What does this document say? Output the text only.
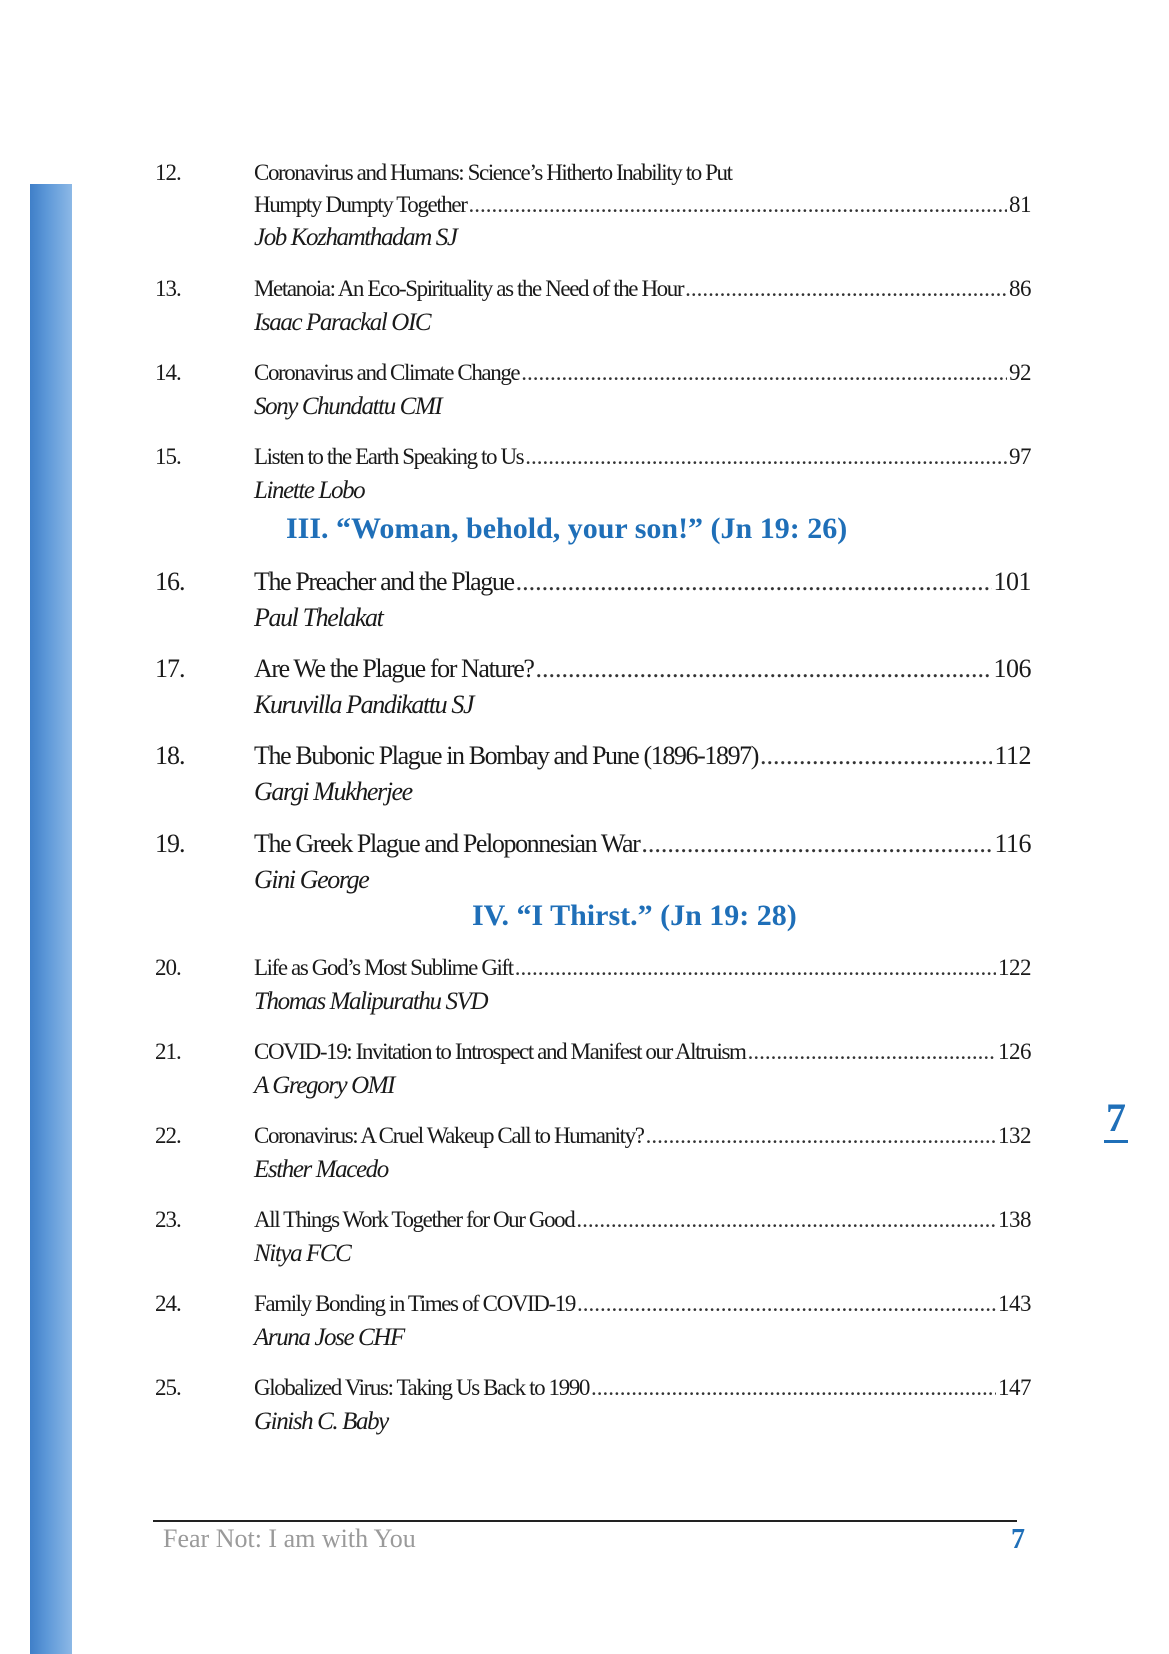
12.	Coronavirus and Humans: Science’s Hitherto Inability to Put
Humpty Dumpty Together .....	81
Job Kozhamthadam SJ
13.	Metanoia: An Eco-Spirituality as the Need of the Hour .....	86
Isaac Parackal OIC
14.	Coronavirus and Climate Change .....	92
Sony Chundattu CMI
15.	Listen to the Earth Speaking to Us .....	97
Linette Lobo
III. “Woman, behold, your son!” (Jn 19: 26)
16.	The Preacher and the Plague .....	101
Paul Thelakat
17.	Are We the Plague for Nature? .....	106
Kuruvilla Pandikattu SJ
18.	The Bubonic Plague in Bombay and Pune (1896-1897) .....	112
Gargi Mukherjee
19.	The Greek Plague and Peloponnesian War .....	116
Gini George
IV. “I Thirst.” (Jn 19: 28)
20.	Life as God’s Most Sublime Gift .....	122
Thomas Malipurathu SVD
21.	COVID-19: Invitation to Introspect and Manifest our Altruism .....	126
A Gregory OMI
22.	Coronavirus: A Cruel Wakeup Call to Humanity? .....	132
Esther Macedo
23.	All Things Work Together for Our Good .....	138
Nitya FCC
24.	Family Bonding in Times of COVID-19 .....	143
Aruna Jose CHF
25.	Globalized Virus: Taking Us Back to 1990 .....	147
Ginish C. Baby
7
Fear Not: I am with You	7
